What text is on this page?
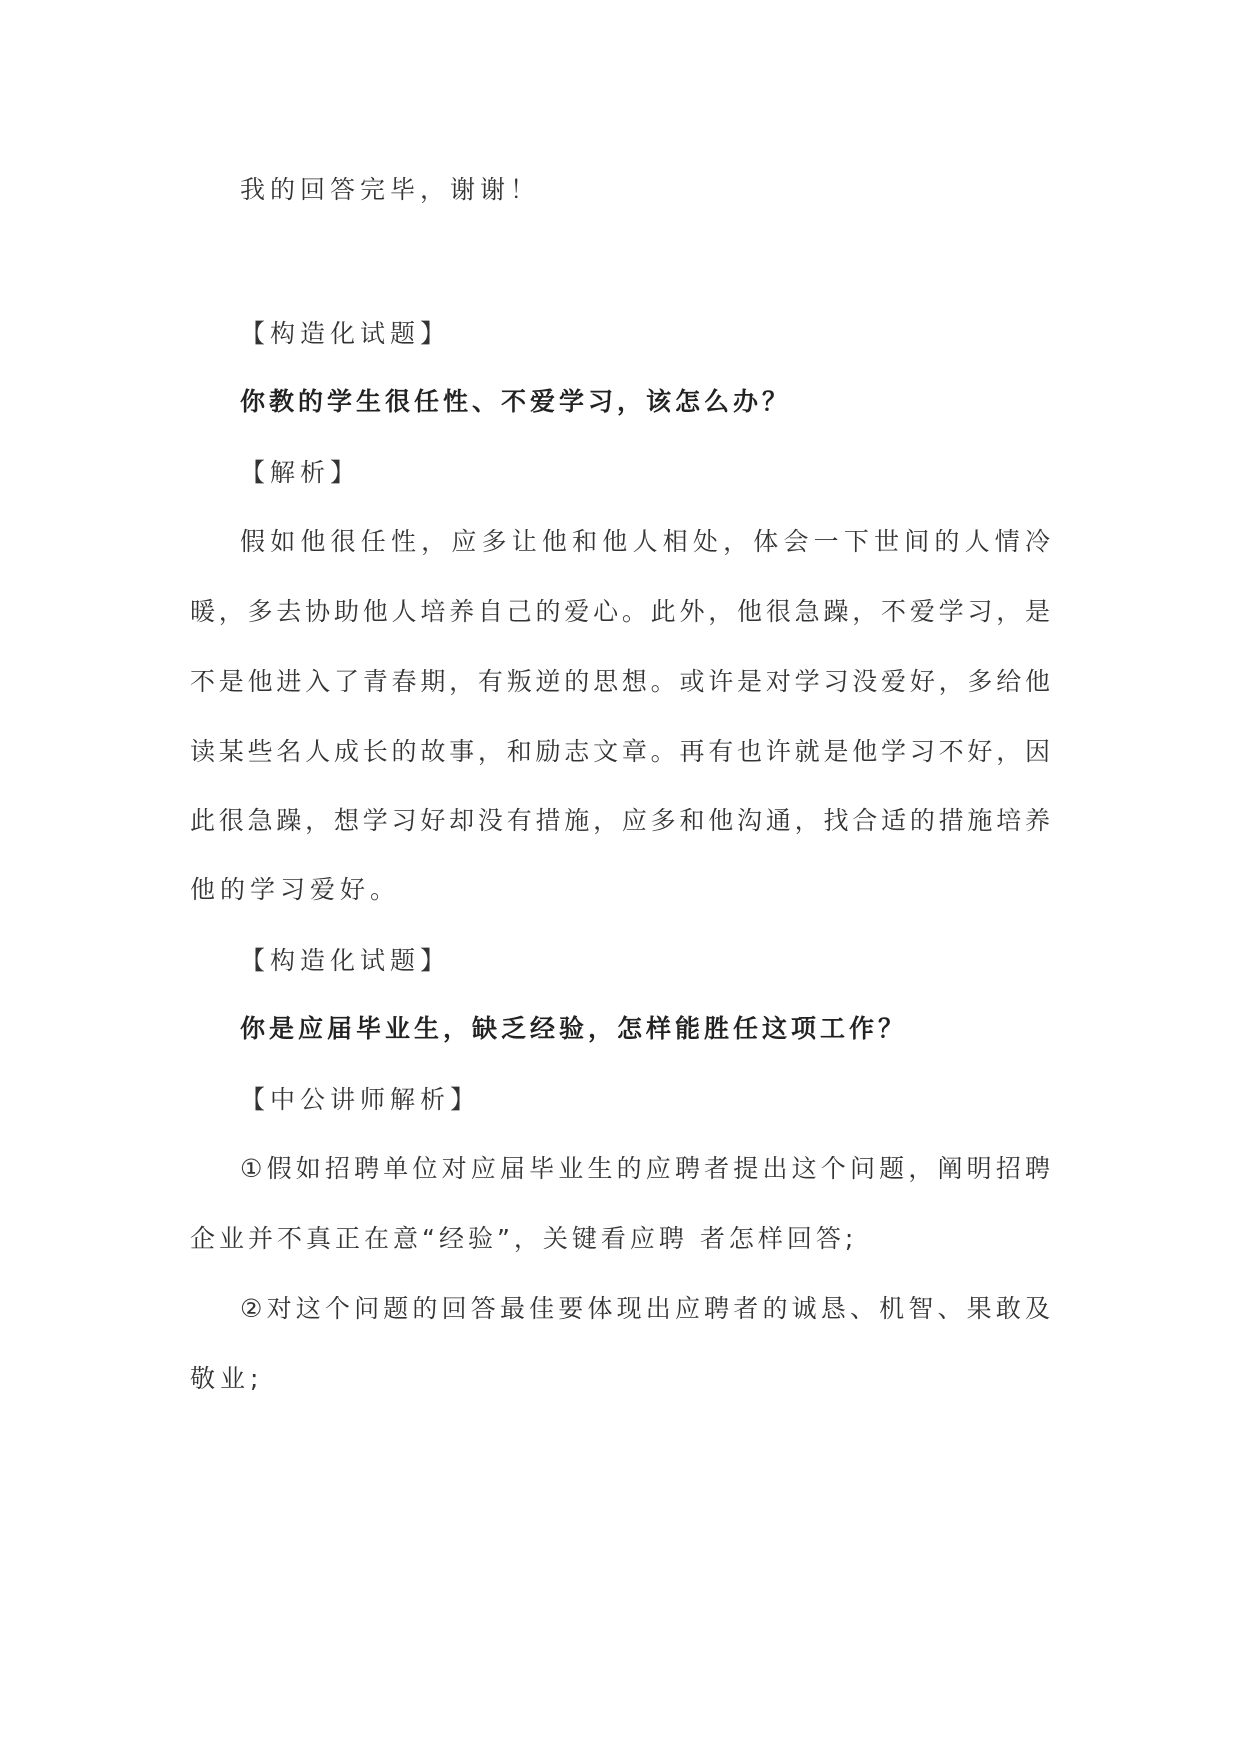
我的回答完毕，谢谢！
【构造化试题】
你教的学生很任性、不爱学习，该怎么办？
【解析】
假如他很任性，应多让他和他人相处，体会一下世间的人情冷
暖，多去协助他人培养自己的爱心。此外，他很急躁，不爱学习，是
不是他进入了青春期，有叛逆的思想。或许是对学习没爱好，多给他
读某些名人成长的故事，和励志文章。再有也许就是他学习不好，因
此很急躁，想学习好却没有措施，应多和他沟通，找合适的措施培养
他的学习爱好。
【构造化试题】
你是应届毕业生，缺乏经验，怎样能胜任这项工作？
【中公讲师解析】
①假如招聘单位对应届毕业生的应聘者提出这个问题，阐明招聘
企业并不真正在意“经验”，关键看应聘 者怎样回答;
②对这个问题的回答最佳要体现出应聘者的诚恳、机智、果敢及
敬业;
